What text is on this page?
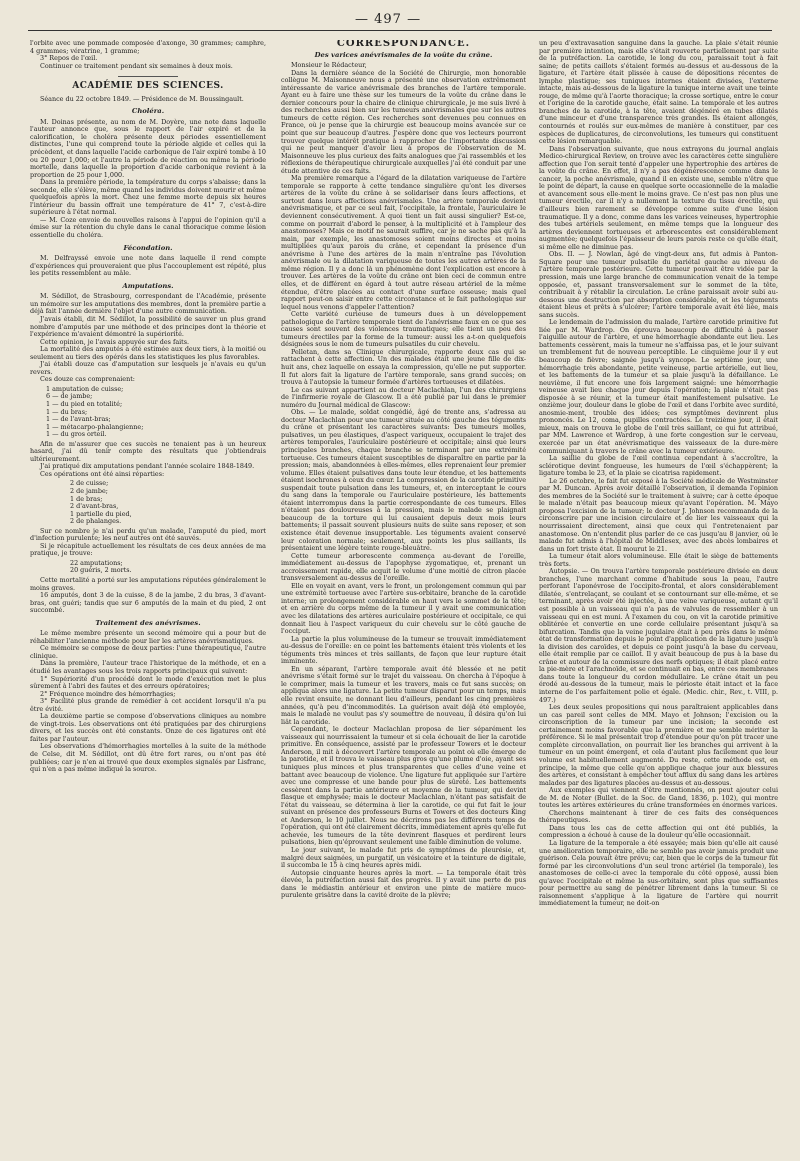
— 497 —

l'orbite avec une pommade composée d'axonge, 30 grammes; camphre, 4 grammes; vératrine, 1 gramme;

3° Repos de l'œil.

Continuer ce traitement pendant six semaines à deux mois.

ACADÉMIE DES SCIENCES.

Séance du 22 octobre 1849. — Présidence de M. Boussingault.

Choléra.

M. Doinas présente, au nom de M. Doyère, une note dans laquelle l'auteur annonce que, sous le rapport de l'air expiré et de la calorification, le choléra présente deux périodes essentiellement distinctes, l'une qui comprend toute la période algide et celles qui la précèdent, et dans laquelle l'acide carbonique de l'air expiré tombe à 10 ou 20 pour 1,000; et l'autre la période de réaction ou même la période mortelle, dans laquelle la proportion d'acide carbonique revient à la proportion de 25 pour 1,000.

Dans la première période, la température du corps s'abaisse; dans la seconde, elle s'élève, même quand les individus doivent mourir et même quelquefois après la mort. Chez une femme morte depuis six heures l'intérieur du bassin offrait une température de 41° 7, c'est-à-dire supérieure à l'état normal.

— M. Coze envoie de nouvelles raisons à l'appui de l'opinion qu'il a émise sur la rétention du chyle dans le canal thoracique comme lésion essentielle du choléra.

Fécondation.

M. Delfrayssé envoie une note dans laquelle il rend compte d'expériences qui prouveraient que plus l'accouplement est répété, plus les petits ressemblent au mâle.

Amputations.

M. Sédillot, de Strasbourg, correspondant de l'Académie, présente un mémoire sur les amputations des membres, dont la première partie a déjà fait l'année dernière l'objet d'une autre communication.

J'avais établi, dit M. Sédillot, la possibilité de sauver un plus grand nombre d'amputés par une méthode et des principes dont la théorie et l'expérience m'avaient démontré la supériorité.

Cette opinion, je l'avais appuyée sur des faits.

La mortalité des amputés a été estimée aux deux tiers, à la moitié ou seulement au tiers des opérés dans les statistiques les plus favorables.

J'ai établi douze cas d'amputation sur lesquels je n'avais eu qu'un revers.

Ces douze cas comprenaient:

1 amputation de cuisse;
6 — de jambe;
1 — du pied en totalité;
1 — du bras;
1 — de l'avant-bras;
1 — métacarpo-phalangienne;
1 — du gros orteil.

Afin de m'assurer que ces succès ne tenaient pas à un heureux hasard, j'ai dû tenir compte des résultats que j'obtiendrais ultérieurement.

J'ai pratiqué dix amputations pendant l'année scolaire 1848-1849.

Ces opérations ont été ainsi réparties:

2 de cuisse;
2 de jambe;
1 de bras;
2 d'avant-bras,
1 partielle du pied,
2 de phalanges.

Sur ce nombre je n'ai perdu qu'un malade, l'amputé du pied, mort d'infection purulente; les neuf autres ont été sauvés.

Si je récapitule actuellement les résultats de ces deux années de ma pratique, je trouve:

22 amputations;
20 guéris, 2 morts.

Cette mortalité a porté sur les amputations réputées généralement le moins graves.

16 amputés, dont 3 de la cuisse, 8 de la jambe, 2 du bras, 3 d'avant-bras, ont guéri; tandis que sur 6 amputés de la main et du pied, 2 ont succombé.

Traitement des anévrismes.

Le même membre présente un second mémoire qui a pour but de réhabiliter l'ancienne méthode pour lier les artères anévrismatiques.

Ce mémoire se compose de deux parties: l'une thérapeutique, l'autre clinique.

Dans la première, l'auteur trace l'historique de la méthode, et en a étudié les avantages sous les trois rapports principaux qui suivent:

1° Supériorité d'un procédé dont le mode d'exécution met le plus sûrement à l'abri des fautes et des erreurs opératoires;

2° Fréquence moindre des hémorrhagies;

3° Facilité plus grande de remédier à cet accident lorsqu'il n'a pu être évité.

La deuxième partie se compose d'observations cliniques au nombre de vingt-trois. Les observations ont été pratiquées par des chirurgiens divers, et les succès ont été constants. Onze de ces ligatures ont été faites par l'auteur.

Les observations d'hémorrhagies mortelles à la suite de la méthode de Celse, dit M. Sédillot, ont dû être fort rares, ou n'ont pas été publiées; car je n'en ai trouvé que deux exemples signalés par Lisfranc, qui n'en a pas même indiqué la source.

CORRESPONDANCE.
Des varices anévrismales de la voûte du crâne.

Monsieur le Rédacteur,

Dans la dernière séance de la Société de Chirurgie, mon honorable collègue M. Maisonneuve nous a présenté une observation extrêmement intéressante de varice anévrismale des branches de l'artère temporale. Ayant eu à faire une thèse sur les tumeurs de la voûte du crâne dans le dernier concours pour la chaire de clinique chirurgicale, je me suis livré à des recherches aussi bien sur les tumeurs anévrismales que sur les autres tumeurs de cette région. Ces recherches sont devenues peu connues en France, où je pense que la chirurgie est beaucoup moins avancée sur ce point que sur beaucoup d'autres. J'espère donc que vos lecteurs pourront trouver quelque intérêt pratique à rapprocher de l'importante discussion qui ne peut manquer d'avoir lieu à propos de l'observation de M. Maisonneuve les plus curieux des faits analogues que j'ai rassemblés et les réflexions de thérapeutique chirurgicale auxquelles j'ai été conduit par une étude attentive de ces faits.

Ma première remarque a l'égard de la dilatation variqueuse de l'artère temporale se rapporte à cette tendance singulière qu'ont les diverses artères de la voûte du crâne à se solidariser dans leurs affections, et surtout dans leurs affections anévrismales. Une artère temporale devient anévrismatique, et par ce seul fait, l'occipitale, la frontale, l'auriculaire le deviennent consécutivement. À quoi tient un fait aussi singulier? Est-ce, comme on pourrait d'abord le penser, à la multiplicité et à l'ampleur des anastomoses? Mais ce motif ne saurait suffire, car je ne sache pas qu'à la main, par exemple, les anastomoses soient moins directes et moins multipliées qu'aux parois du crâne, et cependant la présence d'un anévrisme à l'une des artères de la main n'entraîne pas l'évolution anévrismale ou la dilatation variqueuse de toutes les autres artères de la même région. Il y a donc là un phénomène dont l'explication est encore à trouver. Les artères de la voûte du crâne ont bien ceci de commun entre elles, et de différent en égard à tout autre réseau artériel de la même étendue, d'être placées au contact d'une surface osseuse; mais quel rapport peut-on saisir entre cette circonstance et le fait pathologique sur lequel nous venons d'appeler l'attention?

Cette variété curieuse de tumeurs dues à un développement pathologique de l'artère temporale tient de l'anévrisme faux en ce que ses causes sont souvent des violences traumatiques; elle tient un peu des tumeurs érectiles par la forme de la tumeur: aussi les a-t-on quelquefois désignées sous le nom de tumeurs pulsatiles du cuir chevelu.

Pelletan, dans sa Clinique chirurgicale, rapporte deux cas qui se rattachent à cette affection. Un des malades était une jeune fille de dix-huit ans, chez laquelle on essaya la compression, qu'elle ne put supporter. Il fut alors fait la ligature de l'artère temporale, sans grand succès; on trouva à l'autopsie la tumeur formée d'artères tortueuses et dilatées.

Le cas suivant appartient au docteur Maclachlan, l'un des chirurgiens de l'infirmerie royale de Glascow. Il a été publié par lui dans le premier numéro du Journal médical de Glascow:

Obs. — Le malade, soldat congédié, âgé de trente ans, s'adressa au docteur Maclachlan pour une tumeur située au côté gauche des téguments du crâne et présentant les caractères suivants: Des tumeurs molles, pulsatives, un peu élastiques, d'aspect variqueux, occupaient le trajet des artères temporales, l'auriculaire postérieure et occipitale; ainsi que leurs principales branches, chaque branche se terminant par une extrémité tortueuse. Ces tumeurs étaient susceptibles de disparaître en partie par la pression; mais, abandonnées à elles-mêmes, elles reprenaient leur premier volume. Elles étaient pulsatives dans toute leur étendue, et les battements étaient isochrones à ceux du cœur. La compression de la carotide primitive suspendait toute pulsation dans les tumeurs, et, en interceptant le cours du sang dans la temporale ou l'auriculaire postérieure, les battements étaient interrompus dans la partie correspondante de ces tumeurs. Elles n'étaient pas douloureuses à la pression, mais le malade se plaignait beaucoup de la torture qui lui causaient depuis deux mois leurs battements; il passait souvent plusieurs nuits de suite sans reposer, et son existence était devenue insupportable. Les téguments avaient conservé leur coloration normale; seulement, aux points les plus saillants, ils présentaient une légère teinte rouge-bleuâtre.

Cette tumeur arborescente commença au-devant de l'oreille, immédiatement au-dessus de l'apophyse zygomatique, et, prenant un accroissement rapide, elle acquit le volume d'une moitié de citron placée transversalement au-dessus de l'oreille.

Elle en voyait en avant, vers le front, un prolongement commun qui par une extrémité tortueuse avec l'artère sus-orbitaire, branche de la carotide interne; un prolongement considérable en haut vers le sommet de la tête; et en arrière du corps même de la tumeur il y avait une communication avec les dilatations des artères auriculaire postérieure et occipitale, ce qui donnait lieu à l'aspect variqueux du cuir chevelu sur le côté gauche de l'occiput.

La partie la plus volumineuse de la tumeur se trouvait immédiatement au-dessus de l'oreille: en ce point les battements étaient très violents et les téguments très minces et très saillants, de façon que leur rupture était imminente.

En un séparant, l'artère temporale avait été blessée et ne petit anévrisme s'était formé sur le trajet du vaisseau. On chercha à l'époque à le comprimer, mais la tumeur et les travers, mais ce fut sans succès; on appliqua alors une ligature. La petite tumeur disparut pour un temps, mais elle revint ensuite, ne donnant lieu d'ailleurs, pendant les cinq premières années, qu'à peu d'incommodités. La guérison avait déjà été employée, mais le malade ne voulut pas s'y soumettre de nouveau, il désira qu'on lui liât la carotide.

Cependant, le docteur Maclachlan proposa de lier séparément les vaisseaux qui nourrissaient la tumeur et si cela échouait de lier la carotide primitive. En conséquence, assisté par le professeur Towers et le docteur Anderson, il mit à découvert l'artère temporale au point où elle émerge de la parotide, et il trouva le vaisseau plus gros qu'une plume d'oie, ayant ses tuniques plus minces et plus transparentes que celles d'une veine et battant avec beaucoup de violence. Une ligature fut appliquée sur l'artère avec une compresse et une bande pour plus de sûreté. Les battements cessèrent dans la partie antérieure et moyenne de la tumeur, qui devint flasque et emphysée; mais le docteur Maclachlan, n'étant pas satisfait de l'état du vaisseau, se détermina à lier la carotide, ce qui fut fait le jour suivant en présence des professeurs Burns et Towers et des docteurs King et Anderson, le 10 juillet. Nous ne décrirons pas les différents temps de l'opération, qui ont été clairement décrits, immédiatement après qu'elle fut achevée, les tumeurs de la tête devinrent flasques et perdirent leurs pulsations, bien qu'éprouvant seulement une faible diminution de volume.

Le jour suivant, le malade fut pris de symptômes de pleurésie, et, malgré deux saignées, un purgatif, un vésicatoire et la teinture de digitale, il succomba le 15 à cinq heures après midi.

Autopsie cinquante heures après la mort. — La temporale était très élevée, la putréfaction aussi fait des progrès. Il y avait une perte de pus dans le médiastin antérieur et environ une pinte de matière muco-purulente grisâtre dans la cavité droite de la plèvre;

un peu d'extravasation sanguine dans la gauche. La plaie s'était réunie par première intention, mais elle s'était rouverte partiellement par suite de la putréfaction. La carotide, le long du cou, paraissait tout à fait saine; de petits caillots s'étaient formés au-dessus et au-dessous de la ligature, et l'artère était plissée à cause de dépositions récentes de lymphe plastique; ses tuniques internes étaient divisées, l'externe intacte, mais au-dessous de la ligature la tunique interne avait une teinte rouge, de même qu'à l'aorte thoracique; la crosse sortique, entre le cœur et l'origine de la carotide gauche, était saine. La temporale et les autres branches de la carotide, à la tête, avaient dégénéré en tubes dilatés d'une minceur et d'une transparence très grandes. Ils étaient allongés, contournés et roulés sur eux-mêmes de manière à constituer, par ces espèces de duplicatures, de circonvolutions, les tumeurs qui constituent cette lésion remarquable.

Dans l'observation suivante, que nous extrayons du journal anglais Medico-chirurgical Review, on trouve avec les caractères cette singulière affection que l'on serait tenté d'appeler une hypertrophie des artères de la voûte du crâne. En effet, il n'y a pas dégénérescence comme dans le cancer, la poche anévrismale, quand il en existe une, semble n'être que le point de départ, la cause en quelque sorte occasionnelle de la maladie et avancement sous elle-ment le moins grave. Ce n'est pas non plus une tumeur érectile, car il n'y a nullement la texture du tissu érectile, qui d'ailleurs bien rarement se développe comme suite d'une lésion traumatique. Il y a donc, comme dans les varices veineuses, hypertrophie des tubes artériels seulement, en même temps que la longueur des artères deviennent tortueuses et arborescentes est considérablement augmentée; quelquefois l'épaisseur de leurs parois reste ce qu'elle était, si même elle ne diminue pas.

Obs. II. — J. Nowlan, âgé de vingt-deux ans, fut admis à Panton-Square pour une tumeur pulsatile du pariétal gauche au niveau de l'artère temporale postérieure. Cette tumeur pouvait être vidée par la pression, mais une large branche de communication venait de la tempe opposée, et, passant transversalement sur le sommet de la tête, contribuait à y rétablir la circulation. Le crâne paraissait avoir subi au-dessous une destruction par absorption considérable, et les téguments étaient bleus et prêts à s'ulcérer; l'artère temporale avait été liée, mais sans succès.

Le lendemain de l'admission du malade, l'artère carotide primitive fut liée par M. Wardrop. On éprouva beaucoup de difficulté à passer l'aiguille autour de l'artère, et une hémorrhagie abondante eut lieu. Les battements cessèrent, mais la tumeur ne s'affaissa pas, et le jour suivant un tremblement fut de nouveau perceptible. Le cinquième jour il y eut beaucoup de fièvre; saignée jusqu'à syncope. Le septième jour, une hémorrhagie très abondante, petite veineuse, partie artérielle, eut lieu, et les battements de la tumeur et sa plaie jusqu'à la défaillance. Le neuvième, il fut encore une fois largement saigné: une hémorrhagie veineuse avait lieu chaque jour depuis l'opération; la plaie n'était pas disposée à se réunir, et la tumeur était manifestement pulsative. Le onzième jour, douleur dans le globe de l'œil et dans l'orbite avec surdité, anosmie-ment, trouble des idées; ces symptômes devinrent plus prononcés. Le 12, coma, pupilles contractées. Le treizième jour, il était mieux, mais on trouva le globe de l'œil très saillant, ce qui fut attribué, par MM. Lawrence et Wardrop, à une forte congestion sur le cerveau, exercée par un état anévrismatique des vaisseaux de la dure-mère communiquant à travers le crâne avec la tumeur extérieure.

La saillie du globe de l'œil continua cependant à s'accroître, la sclérotique devint fongueuse, les humeurs de l'œil s'échappèrent; la ligature tomba le 23, et la plaie se cicatrisa rapidement.

Le 26 octobre, le fait fut exposé à la Société médicale de Westminster par M. Duncan. Après avoir détaillé l'observation, il demanda l'opinion des membres de la Société sur le traitement à suivre; car à cette époque le malade n'était pas beaucoup mieux qu'avant l'opération. M. Mayo proposa l'excision de la tumeur; le docteur J. Johnson recommanda de la circonscrire par une incision circulaire et de lier les vaisseaux qui la nourrissaient directement, ainsi que ceux qui l'entretenaient par anastomose. On n'entendit plus parler de ce cas jusqu'au 8 janvier, où le malade fut admis à l'hôpital de Middlesex, avec des abcès lombaires et dans un fort triste état. Il mourut le 21.

La tumeur était alors volumineuse. Elle était le siège de battements très forts.

Autopsie. — On trouva l'artère temporale postérieure divisée en deux branches, l'une marchant comme d'habitude sous la peau, l'autre perforant l'aponévrose de l'occipito-frontal, et alors considérablement dilatée, s'entrelaçant, se coulant et se contournant sur elle-même, et se terminant, après avoir été injectée, à une veine variqueuse, autant qu'il est possible à un vaisseau qui n'a pas de valvules de ressembler à un vaisseau qui en est muni. À l'examen du cou, on vit la carotide primitive oblitérée et convertie en une corde cellulaire présentant jusqu'à sa bifurcation. Tandis que la veine jugulaire était à peu près dans le même état de transformation depuis le point d'application de la ligature jusqu'à la division des caroïdes, et depuis ce point jusqu'à la base du cerveau, elle était remplie par ce caillot. Il y avait beaucoup de pus à la base du crâne et autour de la commissure des nerfs optiques; il était placé entre la pie-mère et l'arachnoïde, et se continuait en bas, entre ces membranes dans toute la longueur du cordon médullaire. Le crâne était un peu érodé au-dessous de la tumeur, mais le périoste était intact et la face interne de l'os parfaitement polie et égale. (Medic. chir., Rev., t. VIII, p. 497.)

Les deux seules propositions qui nous paraîtraient applicables dans un cas pareil sont celles de MM. Mayo et Johnson; l'excision ou la circonscription de la tumeur par une incision; la seconde est certainement moins favorable que la première et me semble mériter la préférence. Si le mal présentait trop d'étendue pour qu'on pût tracer une complète circonvallation, on pourrait lier les branches qui arrivent à la tumeur en un point émergent, et cela d'autant plus facilement que leur volume est habituellement augmenté. Du reste, cette méthode est, en principe, la même que celle qu'on applique chaque jour aux blessures des artères, et consistant à empêcher tout afflux du sang dans les artères malades par des ligatures placées au-dessus et au-dessous.

Aux exemples qui viennent d'être mentionnés, on peut ajouter celui de M. de Noter (Bullet. de la Soc. de Gand, 1836, p. 102), qui montre toutes les artères extérieures du crâne transformées en énormes varices.

Cherchons maintenant à tirer de ces faits des conséquences thérapeutiques.

Dans tous les cas de cette affection qui ont été publiés, la compression a échoué à cause de la douleur qu'elle occasionnait.

La ligature de la temporale a été essayée; mais bien qu'elle ait causé une amélioration temporaire, elle ne semble pas avoir jamais produit une guérison. Cela pouvait être prévu; car, bien que le corps de la tumeur fût formé par les circonvolutions d'un seul tronc artériel (la temporale), les anastomoses de celle-ci avec la temporale du côté opposé, aussi bien qu'avec l'occipitale et même la sus-orbitaire, sont plus que suffisantes pour permettre au sang de pénétrer librement dans la tumeur. Si ce raisonnement s'applique à la ligature de l'artère qui nourrit immédiatement la tumeur, ne doit-on
